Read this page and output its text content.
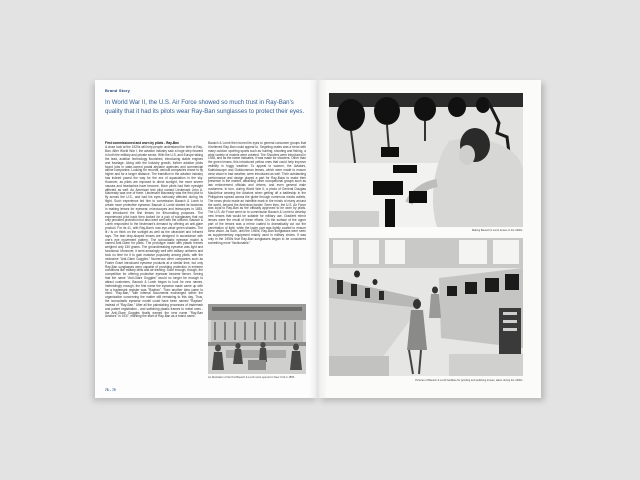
Brand Story
In World War II, the U.S. Air Force showed so much trust in Ray-Ban's quality that it had its pilots wear Ray-Ban sunglasses to protect their eyes.
First commissioned and worn by pilots - Ray-Ban
A close look at the 1920s will help people understand the birth of Ray-Ban. After World War I, the aviation industry saw a huge step forward in both the military and private sector. With the U.S. and Europe taking the lead, aviation technology flourished, introducing stable engines and fuselage. Along with the industry growth, further aviation pilots found jobs in state-owned postal airplane agencies and commercial airline companies. Looking for records, various companies chose to fly higher and for a longer distance. The transition in the aviation industry has indeed paved the way for the era of aquaviation in the sky. However, as pilots are exposed to direct sunlight, the more severe nausea and headaches have become. More pilots had their eyesight affected as well. An American test pilot named Lieutenant John A. Macready was one of them. Lieutenant Macready was the first pilot to fly across the U.S., and had his eyes seriously affected during his flight. Such experience led him to commission Bausch & Lomb to create more protective eyewear. Bausch & Lomb started its business in making lenses for eyewear, microscopes and telescopes in 1853, and introduced the first lenses for film-making purposes. The experienced pilot back then looked for a pair of sunglasses that not only provided protection but also went well with the uniform. Bausch & Lomb responded to the lieutenant's demand by offering an anti-glare product. For its 41, with Ray-Ban's now eye-value green shades. The lit / is on think on the sunlight as well as the ultraviolet and infrared rays. The tear drop-shaped lenses are designed in accordance with one's eye movement pattern. The iconoclastic eyewear model is named Anti-Glare for pilots. The prototype made with plastic frames weighed only 150 grams. The groundbreaking eyewear was light and functional. Moreover, it went amazingly well with military uniforms and took no time for it to gain massive popularity among pilots, with the nickname "Anti-Glare Goggles." Numerous other companies such as Foster Grant introduced eyewear products at a similar time, but only Ray-Ban sunglasses were capable of providing protection in extreme conditions like military drills and air training. Soon enough, though, the competition for offering protective eyewear became fiercer. Seeing that the name "Anti-Glare Goggles" would no longer be enough to attract customers, Bausch & Lomb began to look for new names. Interestingly enough, the first name the eyewear made came up with for a trademark register was "Rayban". Then another idea came to mind: "Ray-Ban," with internal documents exchanged within the organization concerning the matter still remaining to this day. Thus, the iconoclastic eyewear model could have been named "Rayban" instead of "Ray-Ban." After all the painstaking processes of trademark and patent registration - and switching plastic frames to metal ones - the Anti-Glare Goggles finally earned the new name "Ray-Ban Aviators" in 1937, marking the start of Ray-Ban as a brand name.
Bausch & Lomb then turned its eyes to general consumer groups that it believed Ray-Ban could appeal to. Targeting males was a trend with many outdoor sporting sports such as hunting, shooting and fishing, a wide variety of models were created. The Shooters were introduced in 1938, and as the name indicates, it was made for shooters. Other than the green lenses, this introduced yellow ones that could help improve visibility in foggy weather. To appeal to women, the Aviators, Kaleidoscope and Outdoorsman lenses, which were made to ensure clear vision in bad weather, were introduced as well. Their outstanding performance and design played a part for Ray-Bans to make their presence in the market, attracting other occupational groups such as law enforcement officials and drivers, and even general male customers. In turn, during World War II, a photo of General Douglas MacArthur wearing the Aviators when getting off a battleship in the Philippines spread across the globe through numerous media outlets. The news photo made an indelible mark in the minds of many around the world, beyond the American border. Seen then, the U.S. Air Force was loyal to Ray-Ban as the officially approved to be worn by pilots. The U.S. Air Force went on to commission Bausch & Lomb to develop new lenses that would be suitable for military use. Gradient mirror lenses were the result of these efforts. On the surface of the upper part of the lenses was a mirror coated to dramatically cut out the penetration of light, while the lower part was lightly coated to ensure clear vision. As such, until the 1940s, Ray-Ban sunglasses were seen as supplementary equipment mainly used in military circles. It was only in the 1950s that Ray-Ban sunglasses began to be considered something more "fashionable."
An illustration of the first Bausch & Lomb store opened in New York in 1853.
78 – 79
Making Bausch & Lomb lenses in the 1900s.
Pictures of Bausch & Lomb facilities for grinding and polishing lenses, taken during the 1900s.
